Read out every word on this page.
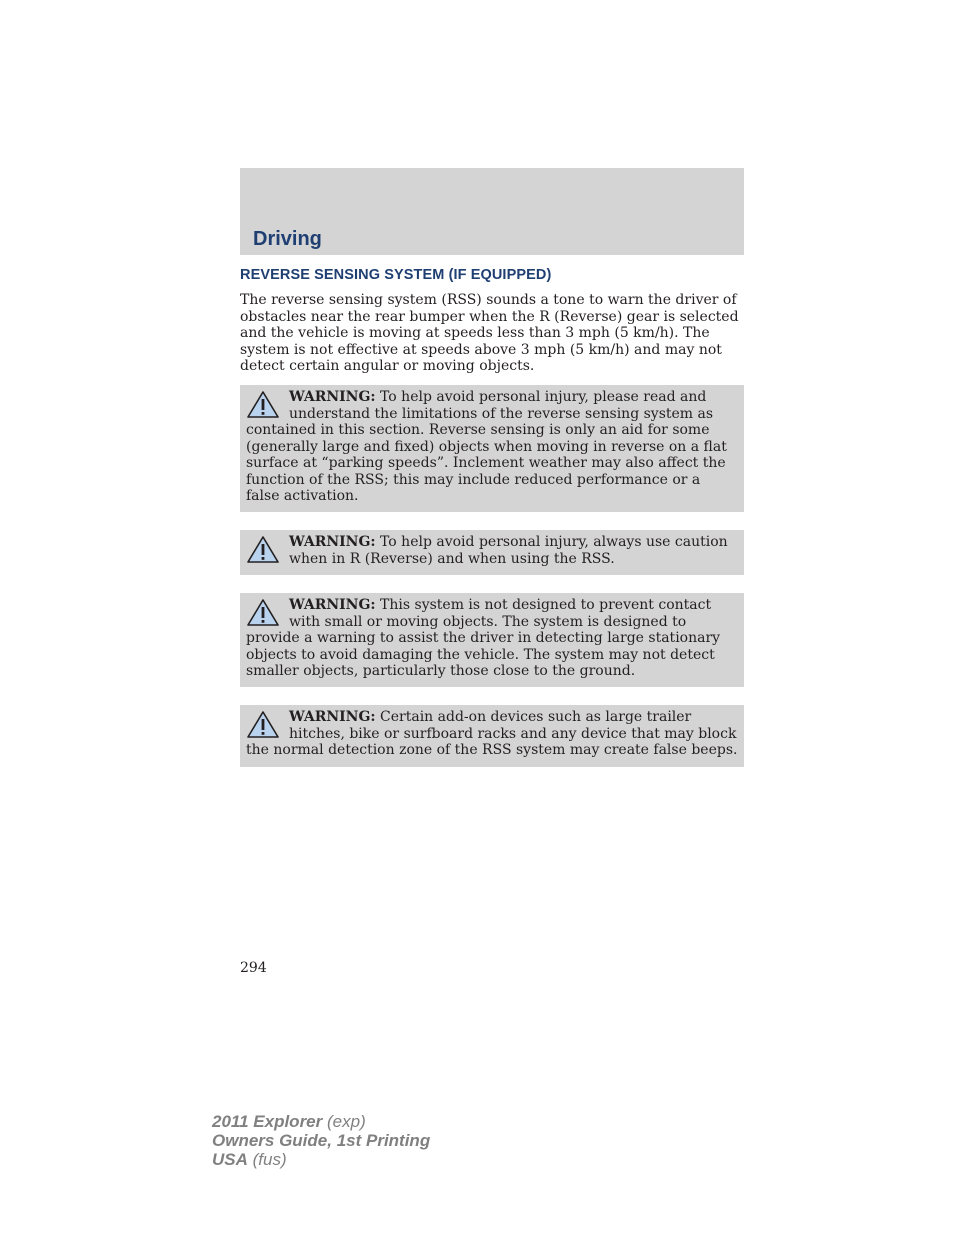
Driving
REVERSE SENSING SYSTEM (IF EQUIPPED)

The reverse sensing system (RSS) sounds a tone to warn the driver of obstacles near the rear bumper when the R (Reverse) gear is selected and the vehicle is moving at speeds less than 3 mph (5 km/h). The system is not effective at speeds above 3 mph (5 km/h) and may not detect certain angular or moving objects.

WARNING: To help avoid personal injury, please read and understand the limitations of the reverse sensing system as contained in this section. Reverse sensing is only an aid for some (generally large and fixed) objects when moving in reverse on a flat surface at “parking speeds”. Inclement weather may also affect the function of the RSS; this may include reduced performance or a false activation.

WARNING: To help avoid personal injury, always use caution when in R (Reverse) and when using the RSS.

WARNING: This system is not designed to prevent contact with small or moving objects. The system is designed to provide a warning to assist the driver in detecting large stationary objects to avoid damaging the vehicle. The system may not detect smaller objects, particularly those close to the ground.

WARNING: Certain add-on devices such as large trailer hitches, bike or surfboard racks and any device that may block the normal detection zone of the RSS system may create false beeps.

294

2011 Explorer (exp)
Owners Guide, 1st Printing
USA (fus)
